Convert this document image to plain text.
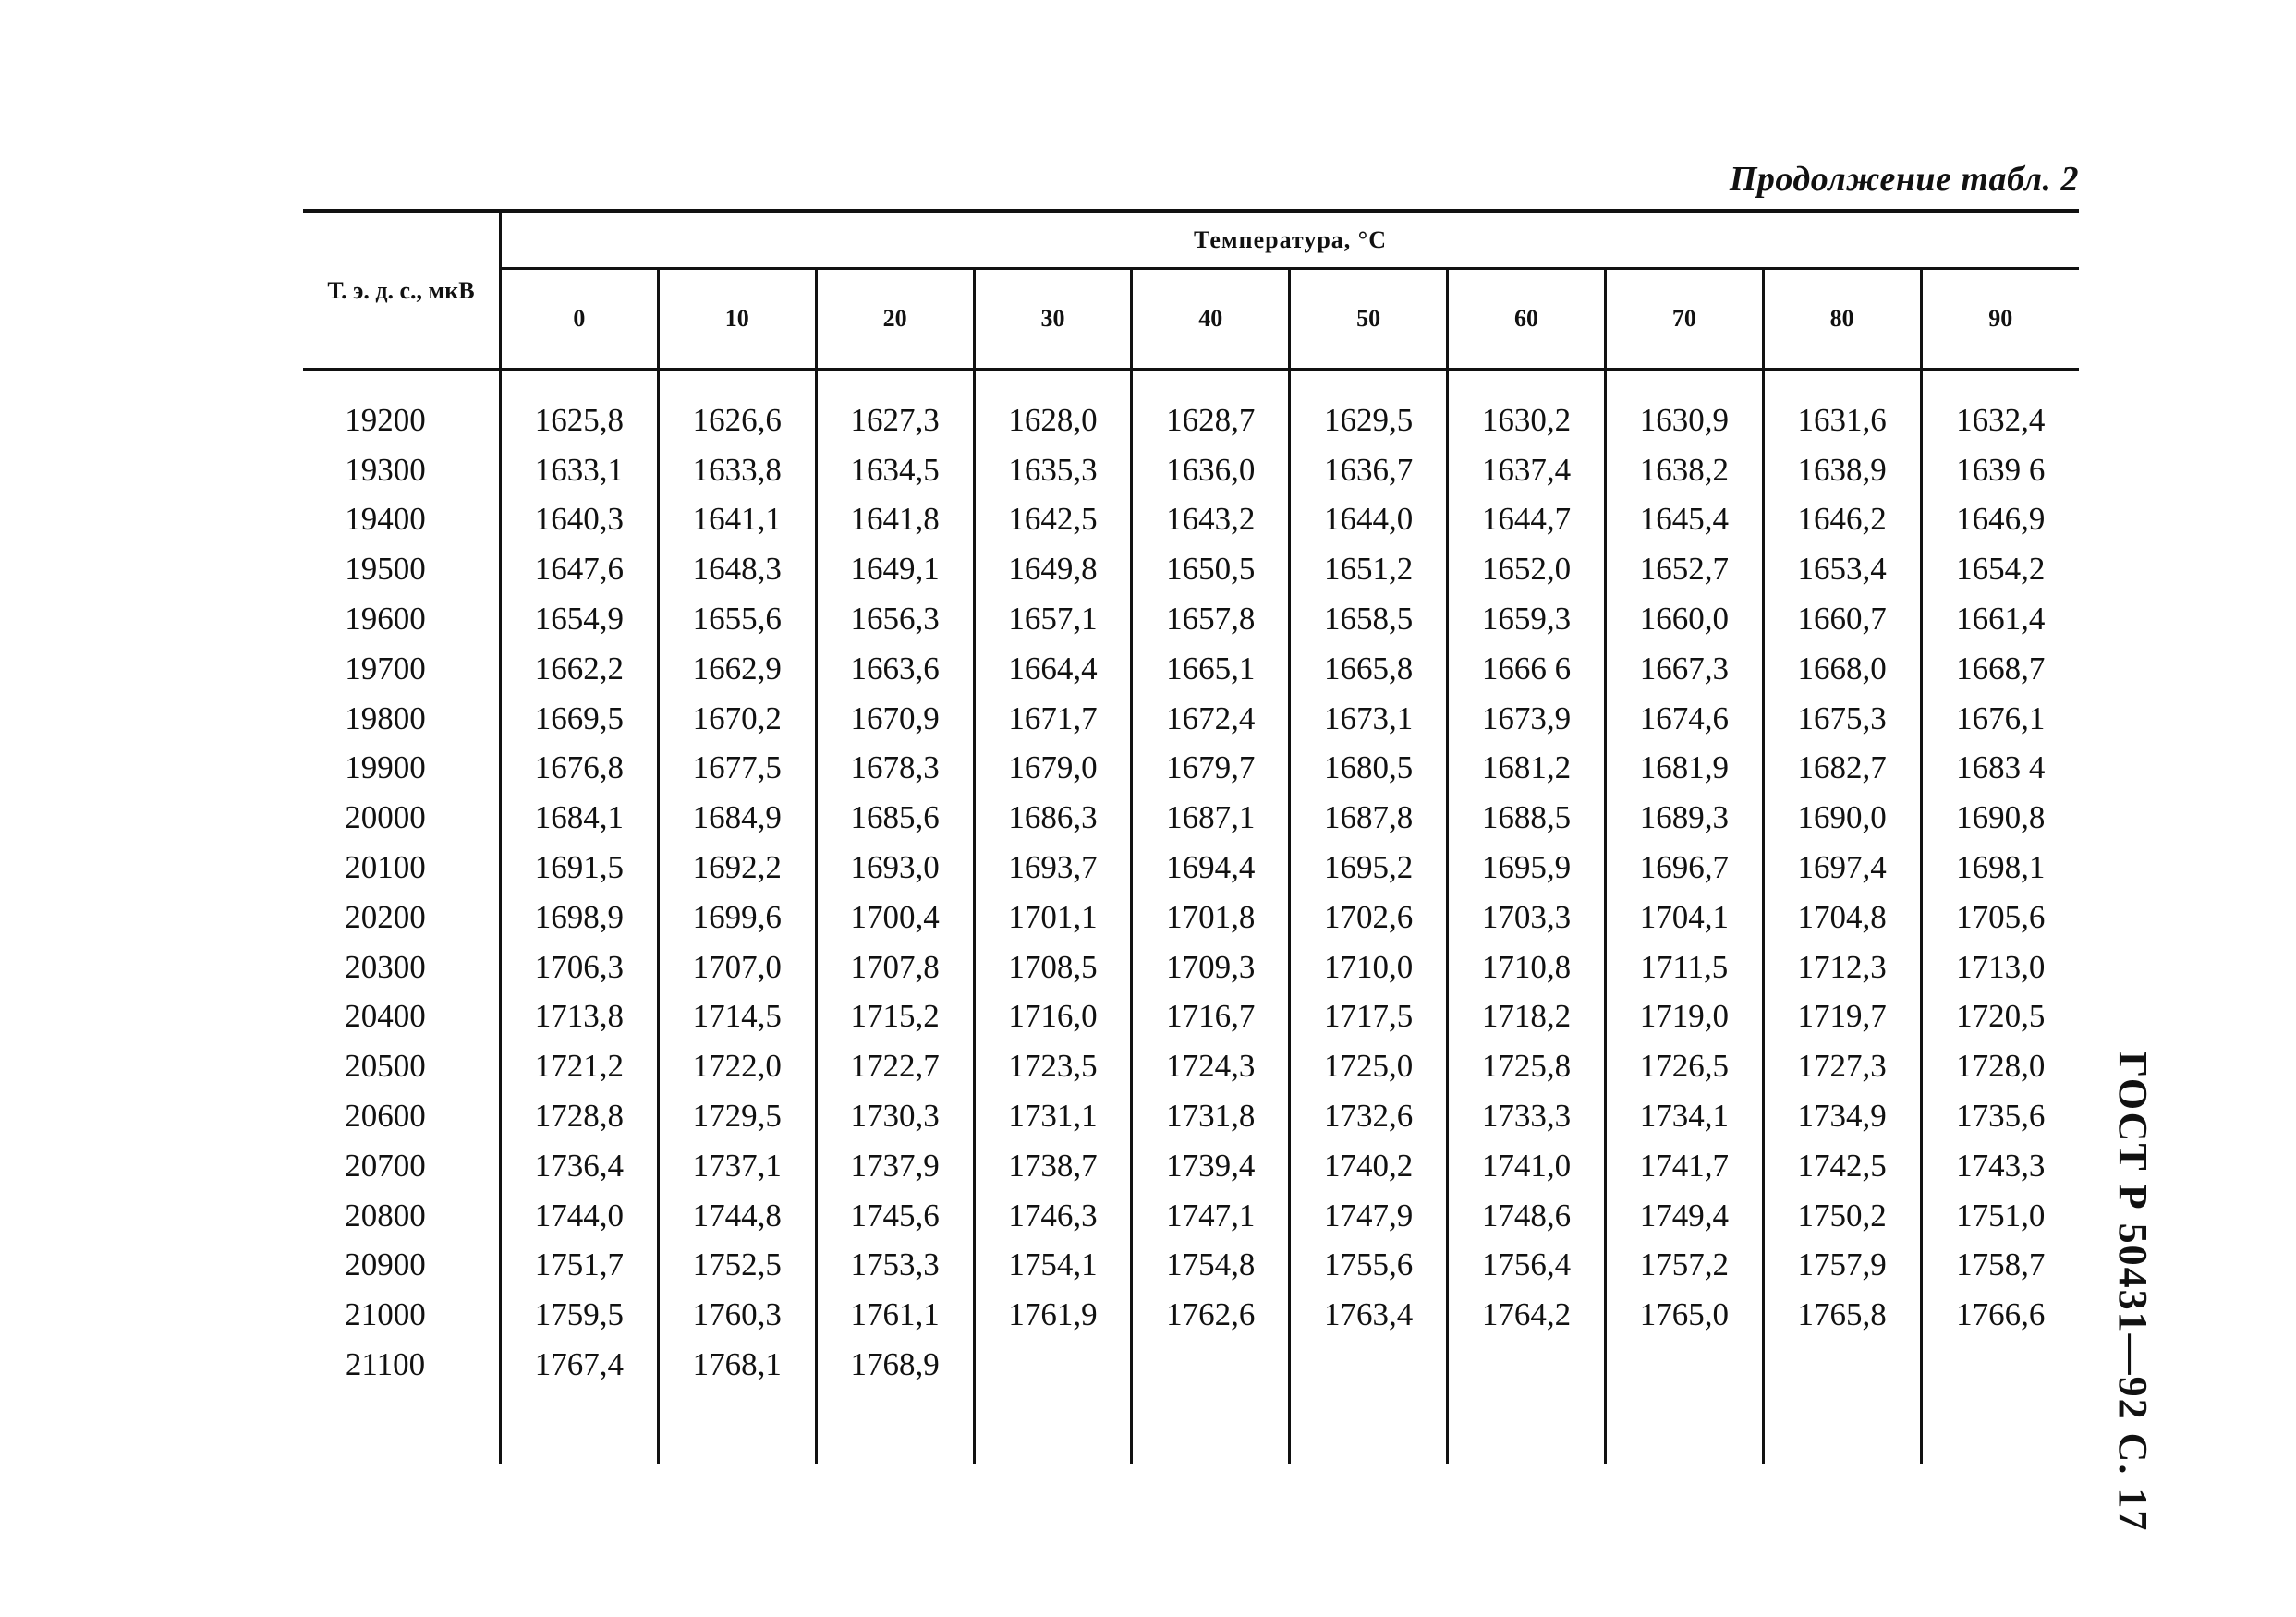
Продолжение табл. 2
Т. э. д. с., мкВ	Температура, °С									
	0	10	20	30	40	50	60	70	80	90

19200	1625,8	1626,6	1627,3	1628,0	1628,7	1629,5	1630,2	1630,9	1631,6	1632,4
19300	1633,1	1633,8	1634,5	1635,3	1636,0	1636,7	1637,4	1638,2	1638,9	1639 6
19400	1640,3	1641,1	1641,8	1642,5	1643,2	1644,0	1644,7	1645,4	1646,2	1646,9
19500	1647,6	1648,3	1649,1	1649,8	1650,5	1651,2	1652,0	1652,7	1653,4	1654,2
19600	1654,9	1655,6	1656,3	1657,1	1657,8	1658,5	1659,3	1660,0	1660,7	1661,4
19700	1662,2	1662,9	1663,6	1664,4	1665,1	1665,8	1666 6	1667,3	1668,0	1668,7
19800	1669,5	1670,2	1670,9	1671,7	1672,4	1673,1	1673,9	1674,6	1675,3	1676,1
19900	1676,8	1677,5	1678,3	1679,0	1679,7	1680,5	1681,2	1681,9	1682,7	1683 4
20000	1684,1	1684,9	1685,6	1686,3	1687,1	1687,8	1688,5	1689,3	1690,0	1690,8
20100	1691,5	1692,2	1693,0	1693,7	1694,4	1695,2	1695,9	1696,7	1697,4	1698,1
20200	1698,9	1699,6	1700,4	1701,1	1701,8	1702,6	1703,3	1704,1	1704,8	1705,6
20300	1706,3	1707,0	1707,8	1708,5	1709,3	1710,0	1710,8	1711,5	1712,3	1713,0
20400	1713,8	1714,5	1715,2	1716,0	1716,7	1717,5	1718,2	1719,0	1719,7	1720,5
20500	1721,2	1722,0	1722,7	1723,5	1724,3	1725,0	1725,8	1726,5	1727,3	1728,0
20600	1728,8	1729,5	1730,3	1731,1	1731,8	1732,6	1733,3	1734,1	1734,9	1735,6
20700	1736,4	1737,1	1737,9	1738,7	1739,4	1740,2	1741,0	1741,7	1742,5	1743,3
20800	1744,0	1744,8	1745,6	1746,3	1747,1	1747,9	1748,6	1749,4	1750,2	1751,0
20900	1751,7	1752,5	1753,3	1754,1	1754,8	1755,6	1756,4	1757,2	1757,9	1758,7
21000	1759,5	1760,3	1761,1	1761,9	1762,6	1763,4	1764,2	1765,0	1765,8	1766,6
21100	1767,4	1768,1	1768,9							
											ГОСТ Р 50431—92 С. 17
